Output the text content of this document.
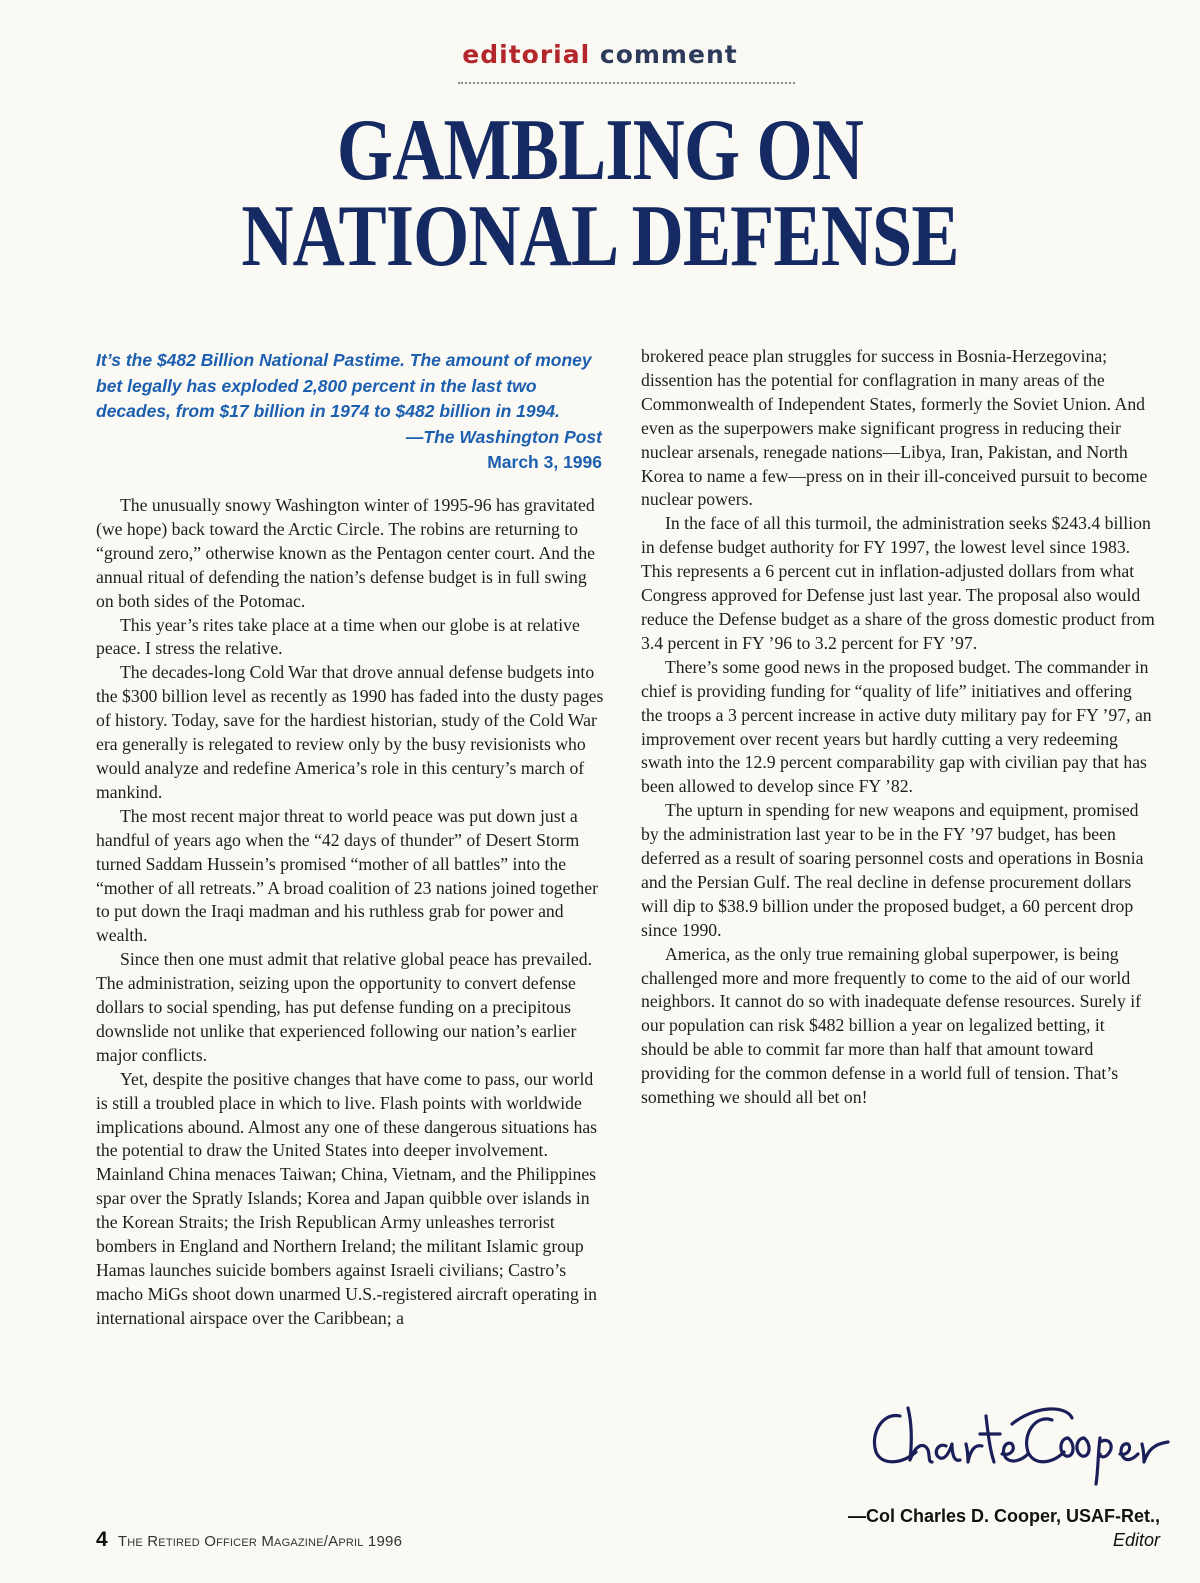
editorial comment
GAMBLING ON
NATIONAL DEFENSE

It’s the $482 Billion National Pastime. The amount of money bet legally has exploded 2,800 percent in the last two decades, from $17 billion in 1974 to $482 billion in 1994.

—The Washington Post
March 3, 1996

The unusually snowy Washington winter of 1995-96 has gravitated (we hope) back toward the Arctic Circle. The robins are returning to “ground zero,” otherwise known as the Pentagon center court. And the annual ritual of defending the nation’s defense budget is in full swing on both sides of the Potomac.

This year’s rites take place at a time when our globe is at relative peace. I stress the relative.

The decades-long Cold War that drove annual defense budgets into the $300 billion level as recently as 1990 has faded into the dusty pages of history. Today, save for the hardiest historian, study of the Cold War era generally is relegated to review only by the busy revisionists who would analyze and redefine America’s role in this century’s march of mankind.

The most recent major threat to world peace was put down just a handful of years ago when the “42 days of thunder” of Desert Storm turned Saddam Hussein’s promised “mother of all battles” into the “mother of all retreats.” A broad coalition of 23 nations joined together to put down the Iraqi madman and his ruthless grab for power and wealth.

Since then one must admit that relative global peace has prevailed. The administration, seizing upon the opportunity to convert defense dollars to social spending, has put defense funding on a precipitous downslide not unlike that experienced following our nation’s earlier major conflicts.

Yet, despite the positive changes that have come to pass, our world is still a troubled place in which to live. Flash points with worldwide implications abound. Almost any one of these dangerous situations has the potential to draw the United States into deeper involvement. Mainland China menaces Taiwan; China, Vietnam, and the Philippines spar over the Spratly Islands; Korea and Japan quibble over islands in the Korean Straits; the Irish Republican Army unleashes terrorist bombers in England and Northern Ireland; the militant Islamic group Hamas launches suicide bombers against Israeli civilians; Castro’s macho MiGs shoot down unarmed U.S.-registered aircraft operating in international airspace over the Caribbean; a

brokered peace plan struggles for success in Bosnia-Herzegovina; dissention has the potential for conflagration in many areas of the Commonwealth of Independent States, formerly the Soviet Union. And even as the superpowers make significant progress in reducing their nuclear arsenals, renegade nations—Libya, Iran, Pakistan, and North Korea to name a few—press on in their ill-conceived pursuit to become nuclear powers.

In the face of all this turmoil, the administration seeks $243.4 billion in defense budget authority for FY 1997, the lowest level since 1983. This represents a 6 percent cut in inflation-adjusted dollars from what Congress approved for Defense just last year. The proposal also would reduce the Defense budget as a share of the gross domestic product from 3.4 percent in FY ’96 to 3.2 percent for FY ’97.

There’s some good news in the proposed budget. The commander in chief is providing funding for “quality of life” initiatives and offering the troops a 3 percent increase in active duty military pay for FY ’97, an improvement over recent years but hardly cutting a very redeeming swath into the 12.9 percent comparability gap with civilian pay that has been allowed to develop since FY ’82.

The upturn in spending for new weapons and equipment, promised by the administration last year to be in the FY ’97 budget, has been deferred as a result of soaring personnel costs and operations in Bosnia and the Persian Gulf. The real decline in defense procurement dollars will dip to $38.9 billion under the proposed budget, a 60 percent drop since 1990.

America, as the only true remaining global superpower, is being challenged more and more frequently to come to the aid of our world neighbors. It cannot do so with inadequate defense resources. Surely if our population can risk $482 billion a year on legalized betting, it should be able to commit far more than half that amount toward providing for the common defense in a world full of tension. That’s something we should all bet on!

—Col Charles D. Cooper, USAF-Ret.,
Editor
4 The Retired Officer Magazine/April 1996
